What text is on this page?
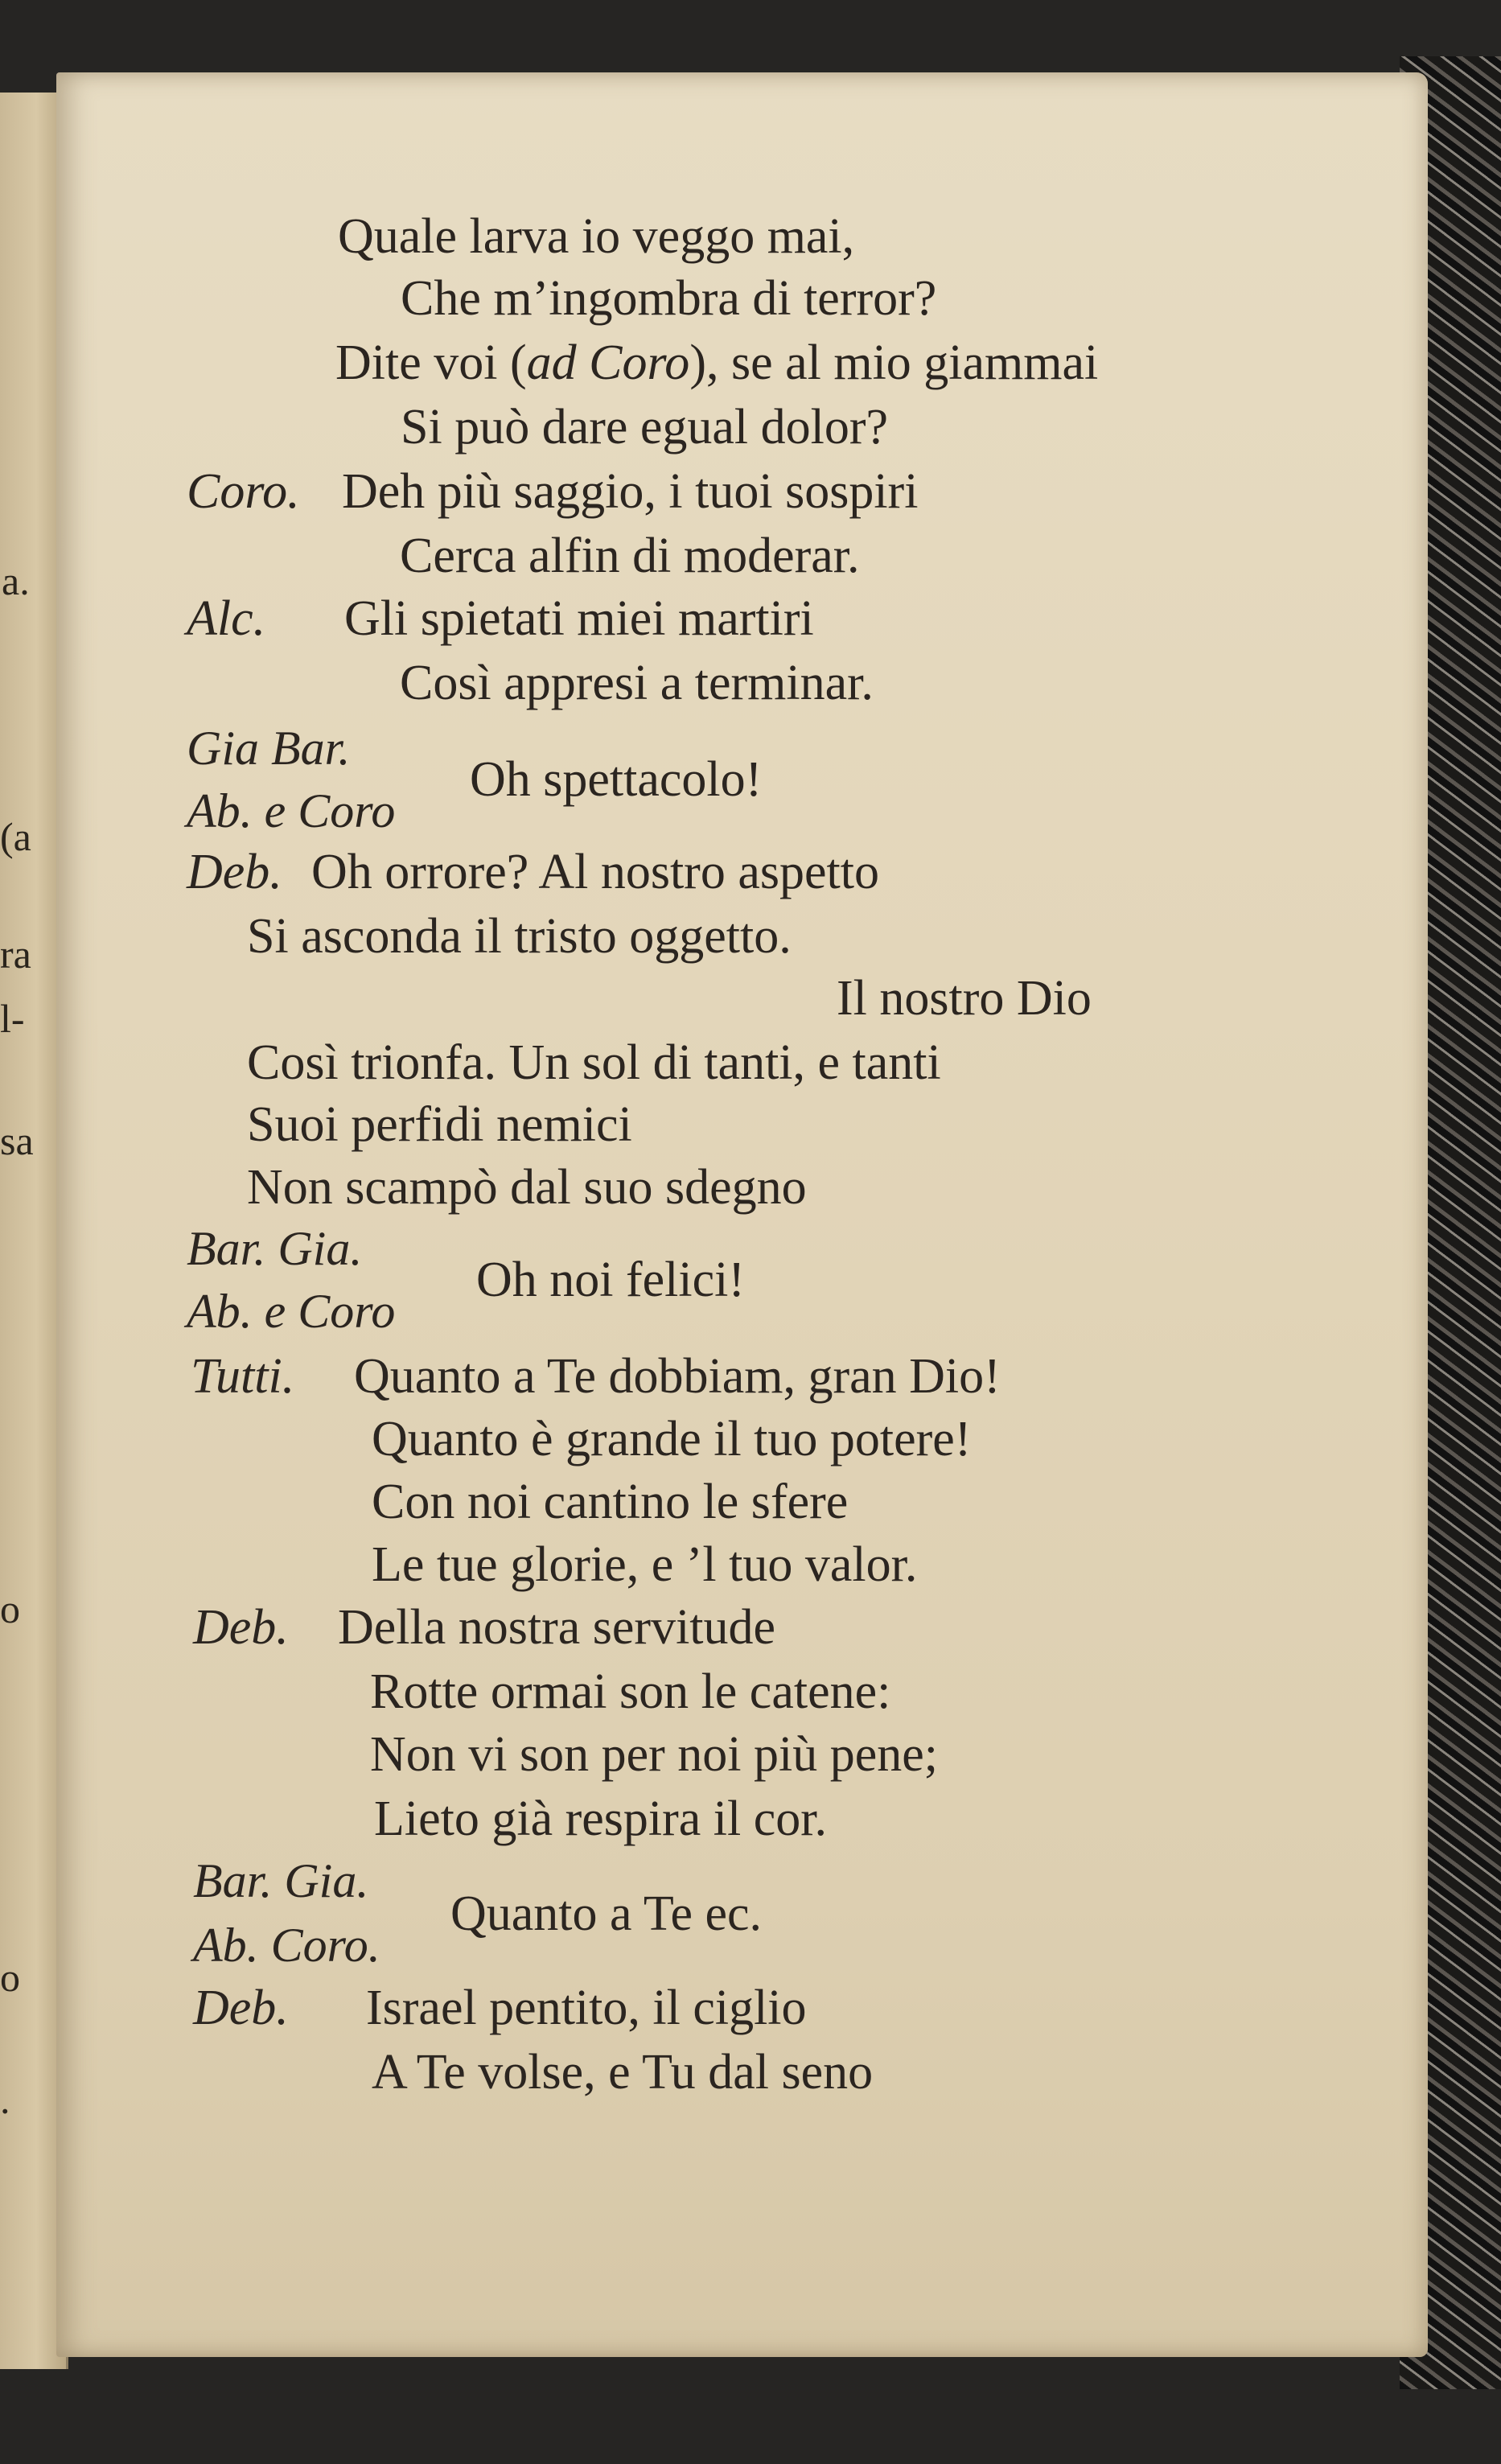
a.
(a
ra
l-
sa
o
o
.
Quale larva io veggo mai,
Che m’ingombra di terror?
Dite voi (ad Coro), se al mio giammai
Si può dare egual dolor?
Coro. Deh più saggio, i tuoi sospiri
Cerca alfin di moderar.
Alc. Gli spietati miei martiri
Così appresi a terminar.
Gia Bar.
Ab. e Coro
Oh spettacolo!
Deb. Oh orrore? Al nostro aspetto
Si asconda il tristo oggetto.
Il nostro Dio
Così trionfa. Un sol di tanti, e tanti
Suoi perfidi nemici
Non scampò dal suo sdegno
Bar. Gia.
Ab. e Coro
Oh noi felici!
Tutti. Quanto a Te dobbiam, gran Dio!
Quanto è grande il tuo potere!
Con noi cantino le sfere
Le tue glorie, e ’l tuo valor.
Deb. Della nostra servitude
Rotte ormai son le catene:
Non vi son per noi più pene;
Lieto già respira il cor.
Bar. Gia.
Ab. Coro.
Quanto a Te ec.
Deb. Israel pentito, il ciglio
A Te volse, e Tu dal seno
